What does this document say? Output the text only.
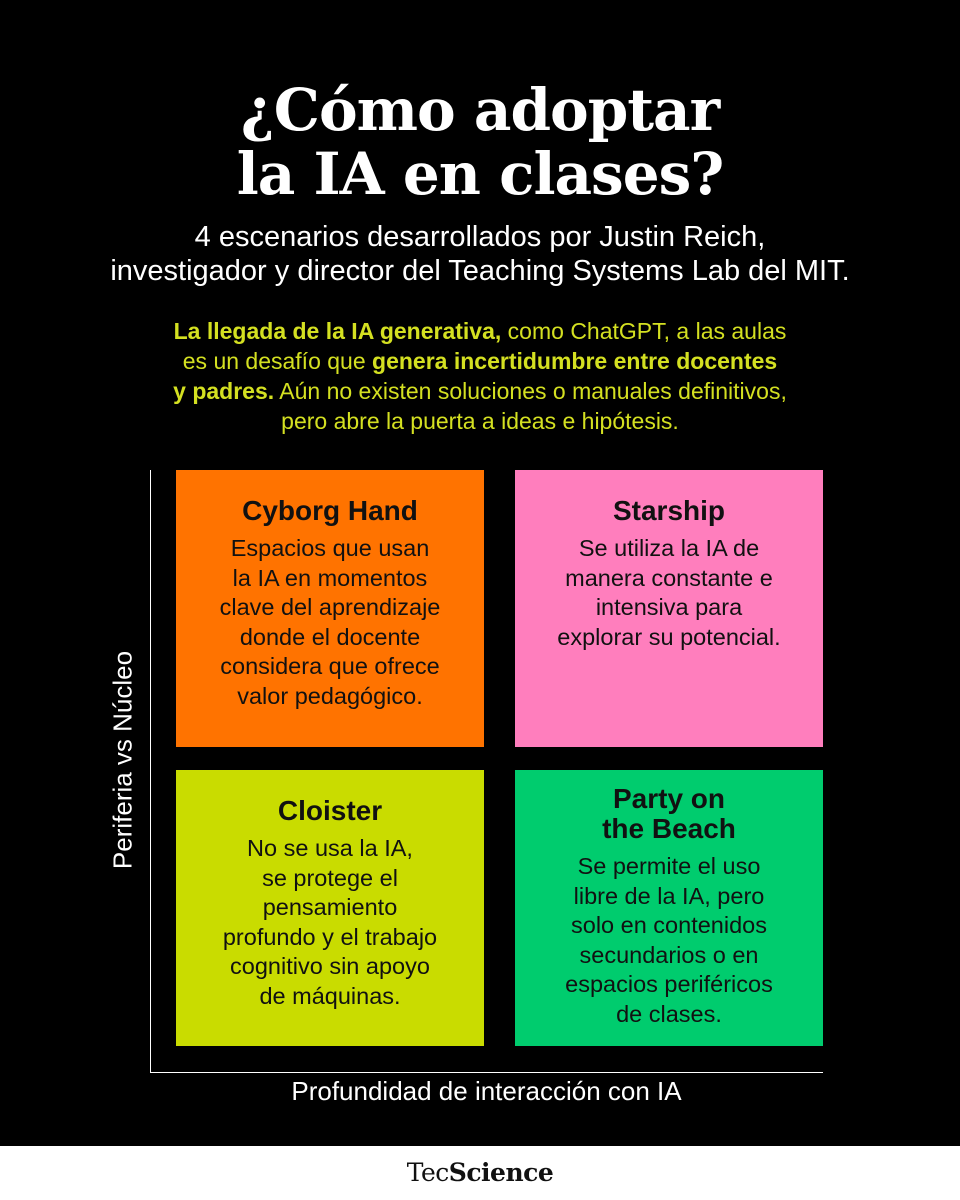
¿Cómo adoptar
la IA en clases?

4 escenarios desarrollados por Justin Reich,
investigador y director del Teaching Systems Lab del MIT.

La llegada de la IA generativa, como ChatGPT, a las aulas
es un desafío que genera incertidumbre entre docentes
y padres. Aún no existen soluciones o manuales definitivos,
pero abre la puerta a ideas e hipótesis.

Periferia vs Núcleo
Profundidad de interacción con IA
Cyborg Hand
Espacios que usan
la IA en momentos
clave del aprendizaje
donde el docente
considera que ofrece
valor pedagógico.
Starship
Se utiliza la IA de
manera constante e
intensiva para
explorar su potencial.
Cloister
No se usa la IA,
se protege el
pensamiento
profundo y el trabajo
cognitivo sin apoyo
de máquinas.
Party on
the Beach
Se permite el uso
libre de la IA, pero
solo en contenidos
secundarios o en
espacios periféricos
de clases.
TecScience
